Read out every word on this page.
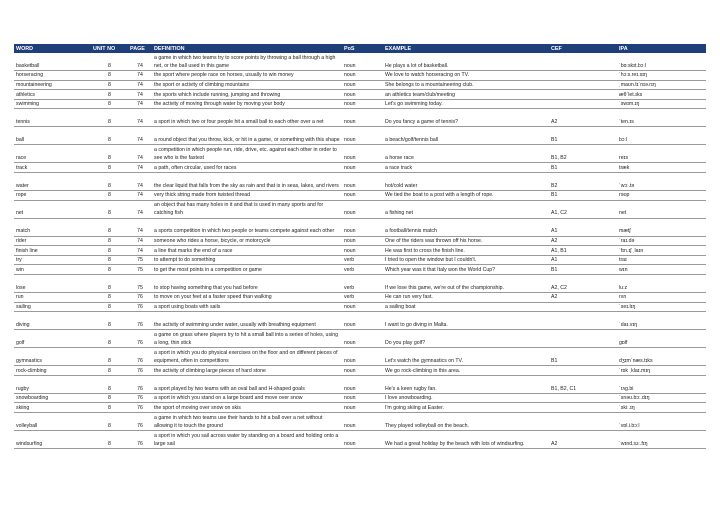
WORD	UNIT NO	PAGE	DEFINITION	PoS	EXAMPLE	CEF	IPA
basketball	8	74	a game in which two teams try to score points by throwing a ball through a high net, or the ball used in this game	noun	He plays a lot of basketball.		ˈbɑːskɪt.bɔːl
horseracing	8	74	the sport where people race on horses, usually to win money	noun	We love to watch horseracing on TV.		ˈhɔːs.reɪ.sɪŋ
mountaineering	8	74	the sport or activity of climbing mountains	noun	She belongs to a mountaineering club.		ˌmaʊn.tɪˈnɪə.rɪŋ
athletics	8	74	the sports which include running, jumping and throwing	noun	an athletics team/club/meeting		æθˈlet.ɪks
swimming	8	74	the activity of moving through water by moving your body	noun	Let's go swimming today.		ˈswɪm.ɪŋ
tennis	8	74	a sport in which two or four people hit a small ball to each other over a net	noun	Do you fancy a game of tennis?	A2	ˈten.ɪs
ball	8	74	a round object that you throw, kick, or hit in a game, or something with this shape	noun	a beach/golf/tennis ball	B1	bɔːl
race	8	74	a competition in which people run, ride, drive, etc. against each other in order to see who is the fastest	noun	a horse race	B1, B2	reɪs
track	8	74	a path, often circular, used for races	noun	a race track	B1	træk
water	8	74	the clear liquid that falls from the sky as rain and that is in seas, lakes, and rivers	noun	hot/cold water	B2	ˈwɔː.tə
rope	8	74	very thick string made from twisted thread	noun	We tied the boat to a post with a length of rope.	B1	rəʊp
net	8	74	an object that has many holes in it and that is used in many sports and for catching fish	noun	a fishing net	A1, C2	net
match	8	74	a sports competition in which two people or teams compete against each other	noun	a football/tennis match	A1	mætʃ
rider	8	74	someone who rides a horse, bicycle, or motorcycle	noun	One of the riders was thrown off his horse.	A2	ˈraɪ.də
finish line	8	74	a line that marks the end of a race	noun	He was first to cross the finish line.	A1, B1	ˈfɪn.ɪʃ ˌlaɪn
try	8	75	to attempt to do something	verb	I tried to open the window but I couldn't.	A1	traɪ
win	8	75	to get the most points in a competition or game	verb	Which year was it that Italy won the World Cup?	B1	wɪn
lose	8	75	to stop having something that you had before	verb	If we lose this game, we're out of the championship.	A2, C2	luːz
run	8	76	to move on your feet at a faster speed than walking	verb	He can run very fast.	A2	rʌn
sailing	8	76	a sport using boats with sails	noun	a sailing boat		ˈseɪ.lɪŋ
diving	8	76	the activity of swimming under water, usually with breathing equipment	noun	I want to go diving in Malta.		ˈdaɪ.vɪŋ
golf	8	76	a game on grass where players try to hit a small ball into a series of holes, using a long, thin stick	noun	Do you play golf?		gɒlf
gymnastics	8	76	a sport in which you do physical exercises on the floor and on different pieces of equipment, often in competitions	noun	Let's watch the gymnastics on TV.	B1	dʒɪmˈnæs.tɪks
rock-climbing	8	76	the activity of climbing large pieces of hard stone	noun	We go rock-climbing in this area.		ˈrɒk ˌklaɪ.mɪŋ
rugby	8	76	a sport played by two teams with an oval ball and H-shaped goals	noun	He's a keen rugby fan.	B1, B2, C1	ˈrʌg.bi
snowboarding	8	76	a sport in which you stand on a large board and move over snow	noun	I love snowboarding.		ˈsnəʊ.bɔː.dɪŋ
skiing	8	76	the sport of moving over snow on skis	noun	I'm going skiing at Easter.		ˈskiː.ɪŋ
volleyball	8	76	a game in which two teams use their hands to hit a ball over a net without allowing it to touch the ground	noun	They played volleyball on the beach.		ˈvɒl.i.bɔːl
windsurfing	8	76	a sport in which you sail across water by standing on a board and holding onto a large sail	noun	We had a great holiday by the beach with lots of windsurfing.	A2	ˈwɪnd.sɜː.fɪŋ
